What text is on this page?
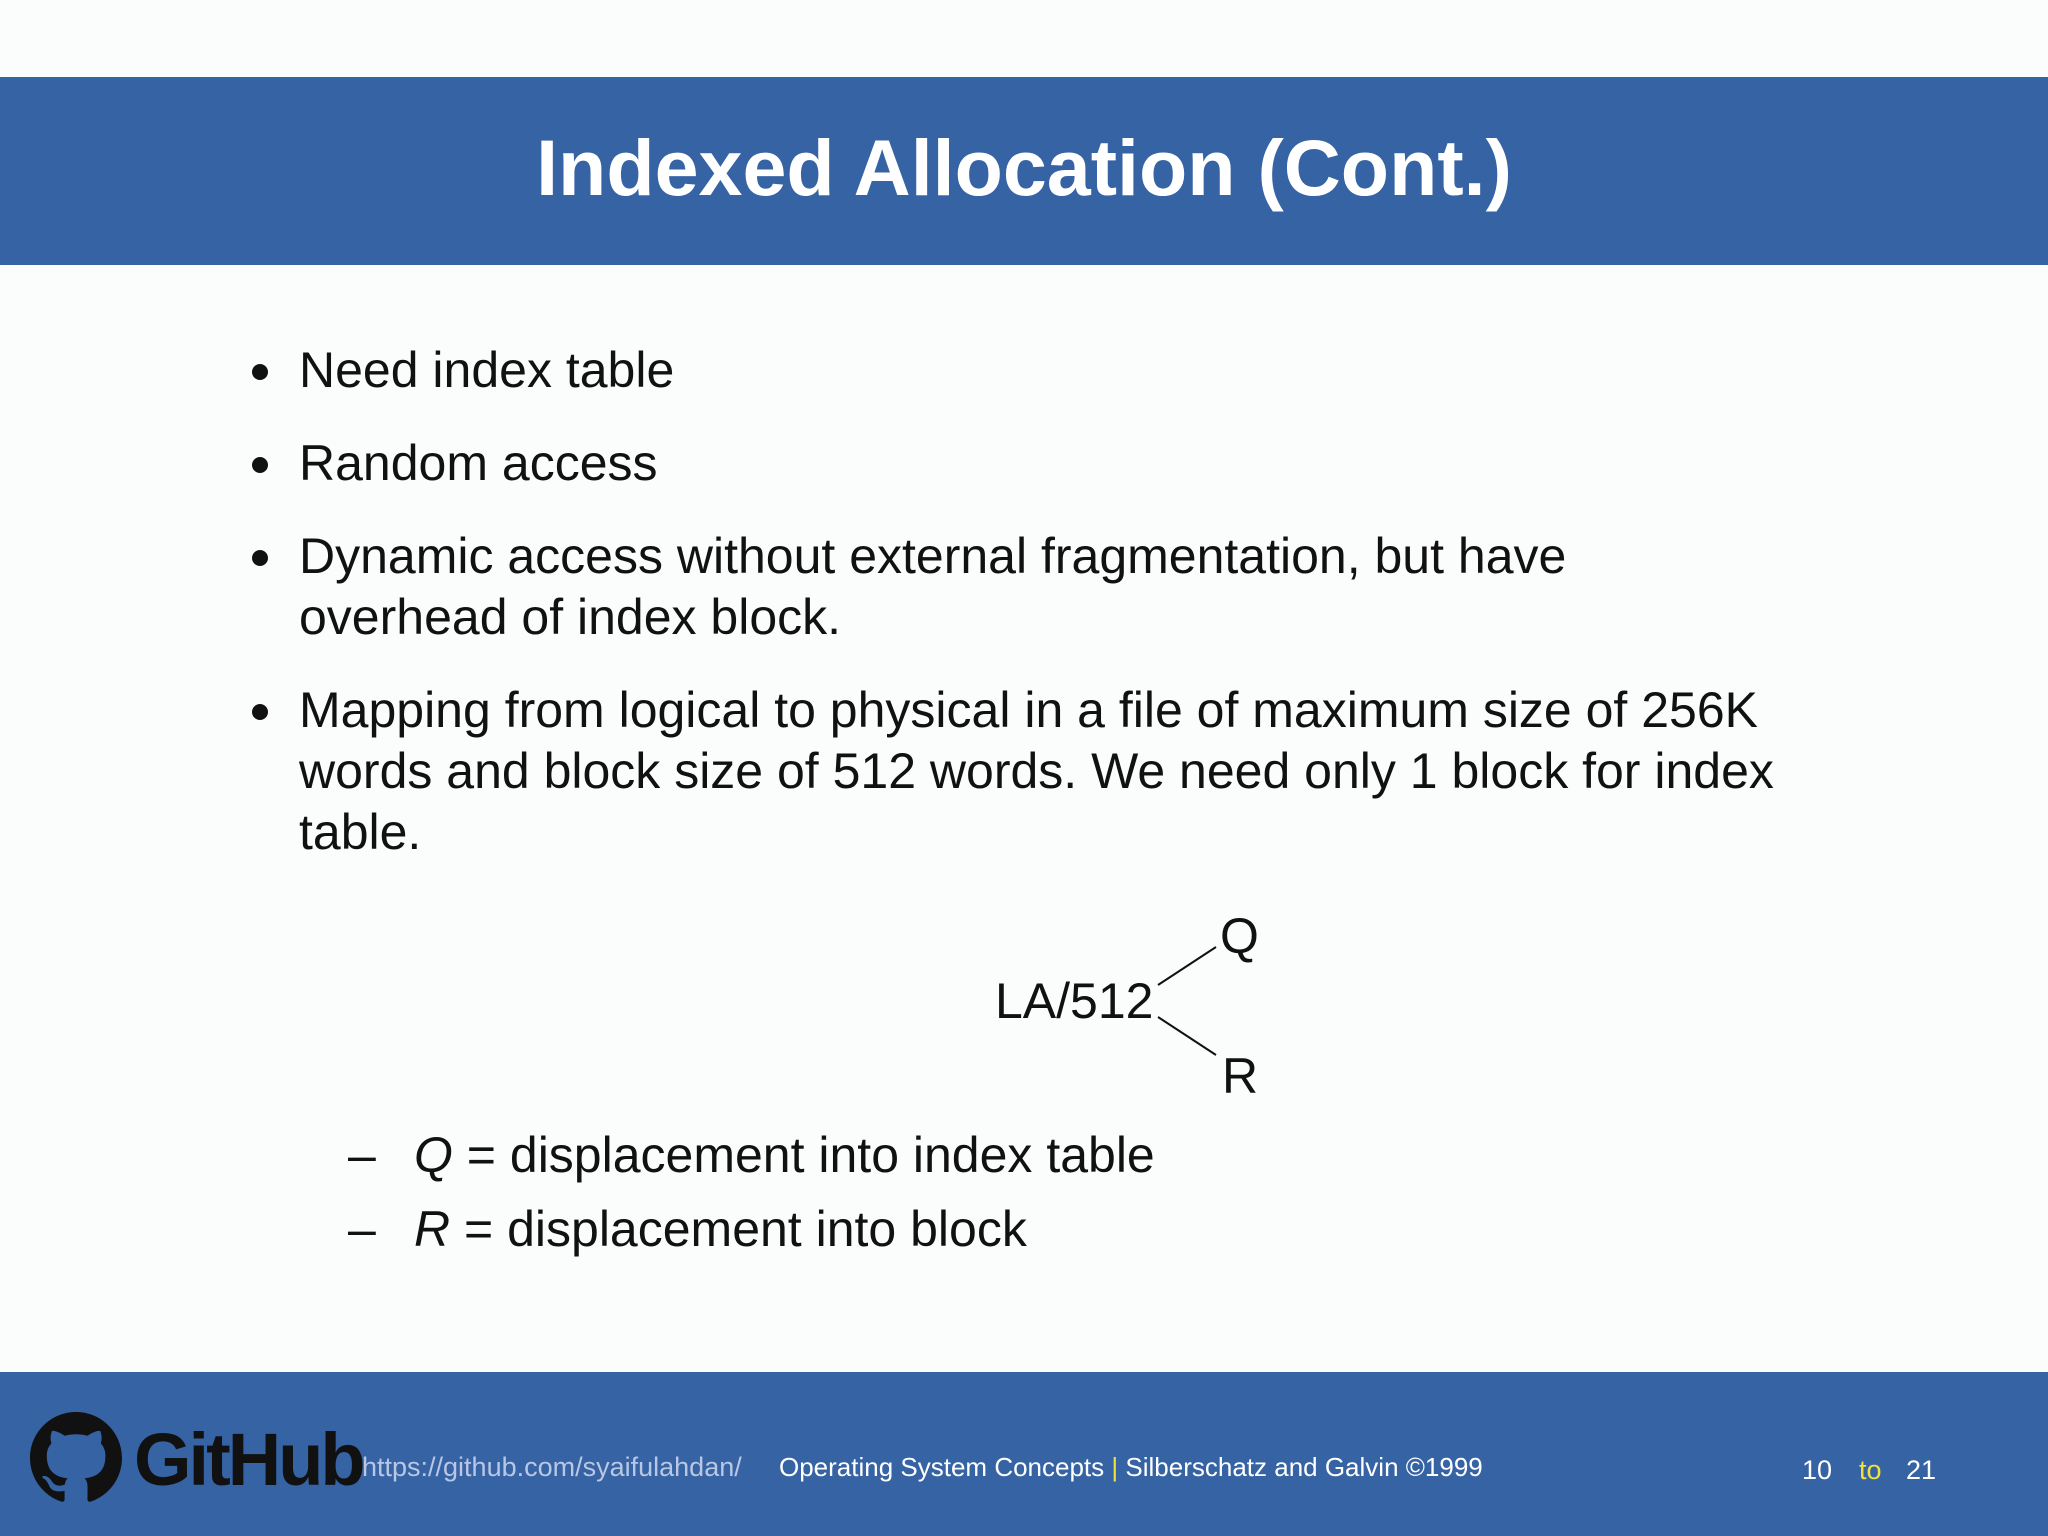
Indexed Allocation (Cont.)
Need index table
Random access
Dynamic access without external fragmentation, but have overhead of index block.
Mapping from logical to physical in a file of maximum size of 256K words and block size of 512 words. We need only 1 block for index table.
LA/512
Q
R
– Q = displacement into index table
– R = displacement into block
GitHub https://github.com/syaifulahdan/ Operating System Concepts | Silberschatz and Galvin ©1999	10 to 21
